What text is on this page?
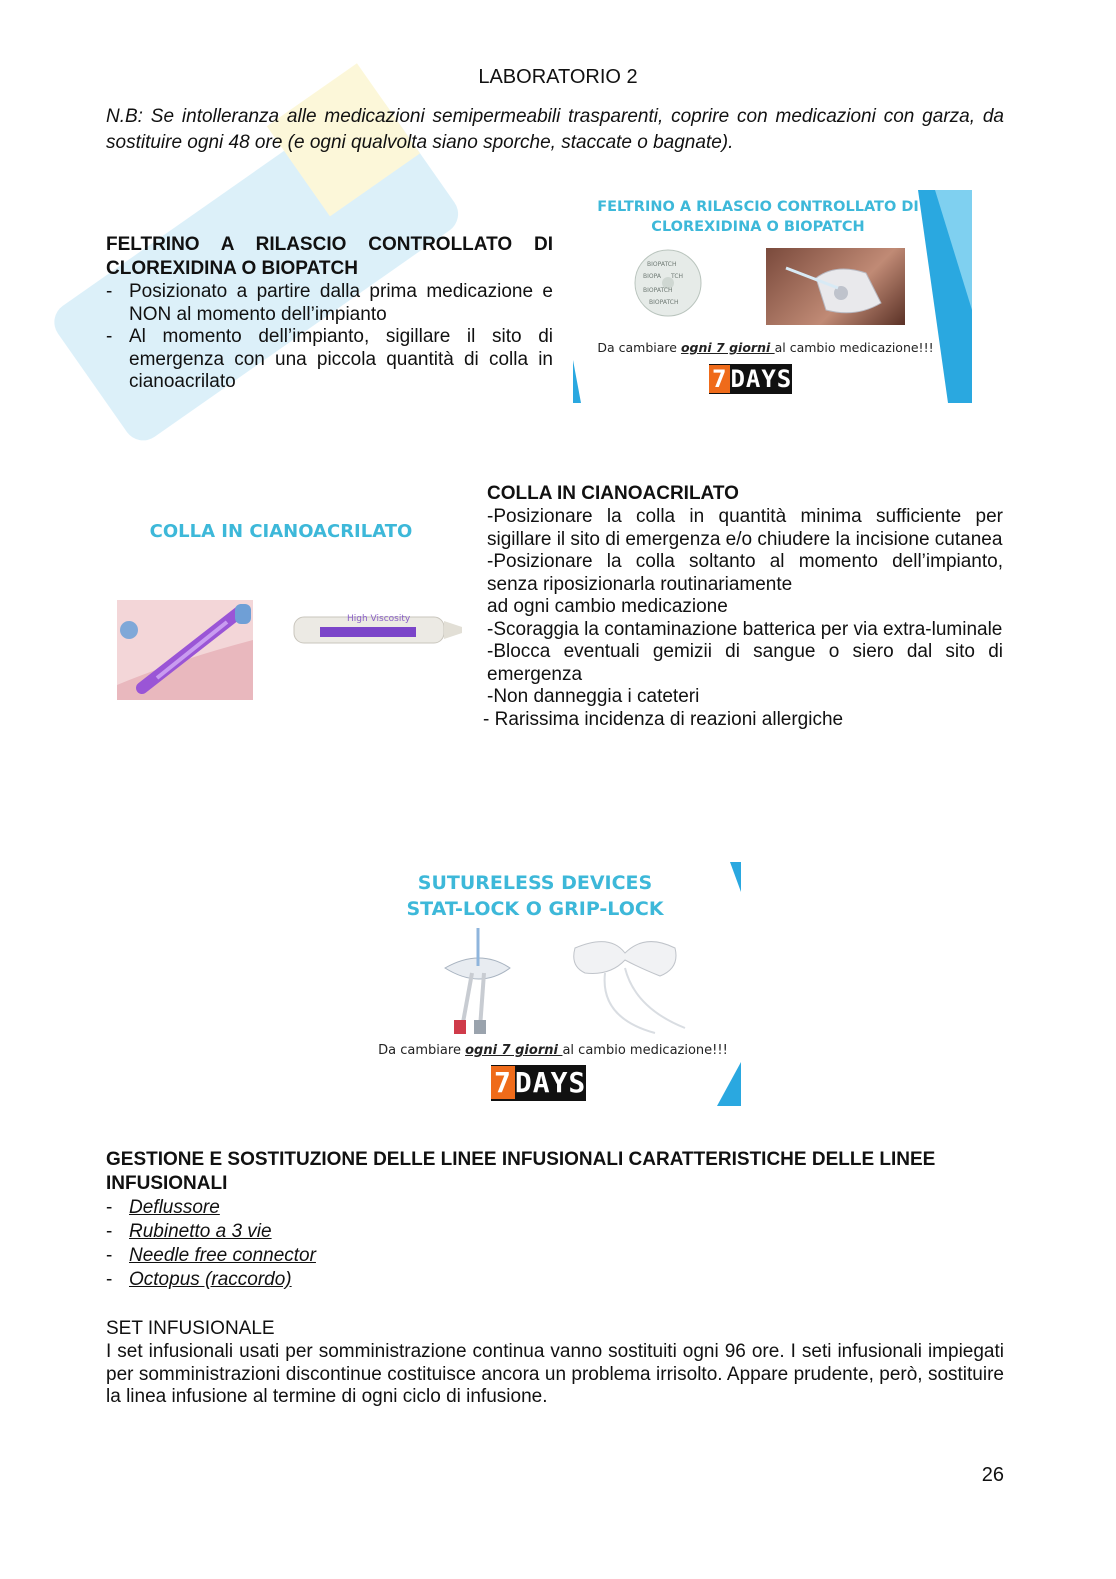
LABORATORIO 2

N.B: Se intolleranza alle medicazioni semipermeabili trasparenti, coprire con medicazioni con garza, da sostituire ogni 48 ore (e ogni qualvolta siano sporche, staccate o bagnate).

FELTRINO A RILASCIO CONTROLLATO DI CLOREXIDINA O BIOPATCH
- Posizionato a partire dalla prima medicazione e NON al momento dell’impianto
- Al momento dell’impianto, sigillare il sito di emergenza con una piccola quantità di colla in cianoacrilato
FELTRINO A RILASCIO CONTROLLATO DI
CLOREXIDINA O BIOPATCH
BIOPATCH
BIOPA TCH
BIOPATCH
BIOPATCH
Da cambiare ogni 7 giorni al cambio medicazione!!!
7 DAYS
COLLA IN CIANOACRILATO
High Viscosity
COLLA IN CIANOACRILATO

-Posizionare la colla in quantità minima sufficiente per sigillare il sito di emergenza e/o chiudere la incisione cutanea

-Posizionare la colla soltanto al momento dell’impianto, senza riposizionarla routinariamente

ad ogni cambio medicazione

-Scoraggia la contaminazione batterica per via extra-luminale

-Blocca eventuali gemizii di sangue o siero dal sito di emergenza

-Non danneggia i cateteri

- Rarissima incidenza di reazioni allergiche

SUTURELESS DEVICES
STAT-LOCK O GRIP-LOCK
Da cambiare ogni 7 giorni al cambio medicazione!!!
7 DAYS
GESTIONE E SOSTITUZIONE DELLE LINEE INFUSIONALI CARATTERISTICHE DELLE LINEE INFUSIONALI
- Deflussore
- Rubinetto a 3 vie
- Needle free connector
- Octopus (raccordo)
SET INFUSIONALE

I set infusionali usati per somministrazione continua vanno sostituiti ogni 96 ore. I seti infusionali impiegati per somministrazioni discontinue costituisce ancora un problema irrisolto. Appare prudente, però, sostituire la linea infusione al termine di ogni ciclo di infusione.

26
